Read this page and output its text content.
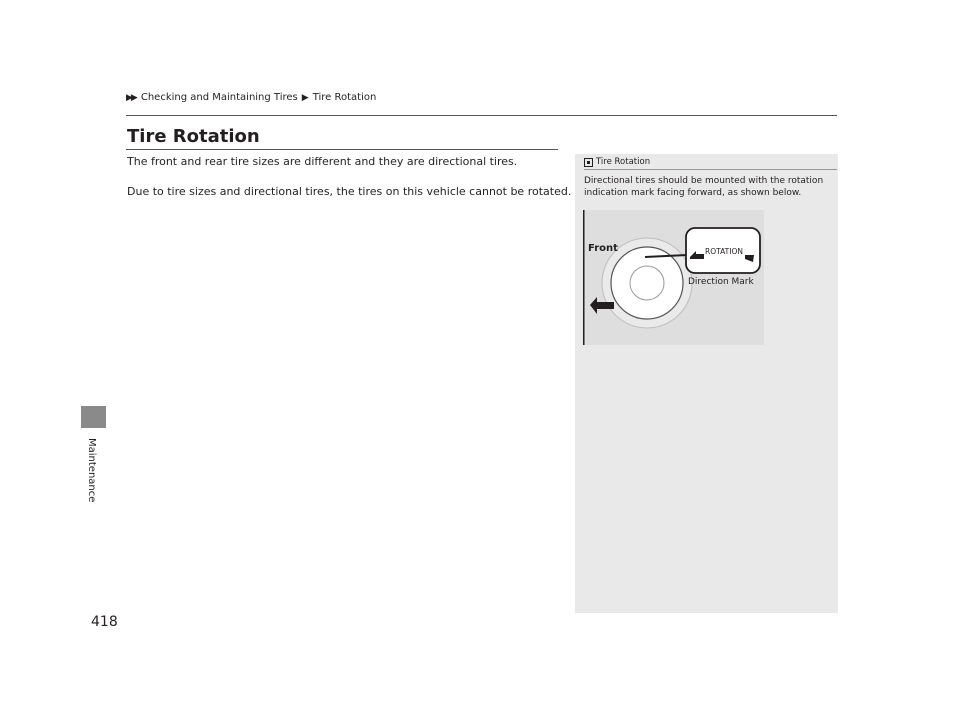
▶▶ Checking and Maintaining Tires ▶ Tire Rotation
Maintenance
418
Tire Rotation
The front and rear tire sizes are different and they are directional tires.
Due to tire sizes and directional tires, the tires on this vehicle cannot be rotated.
Tire Rotation
Directional tires should be mounted with the rotation indication mark facing forward, as shown below.
ROTATION
Front
Direction Mark
